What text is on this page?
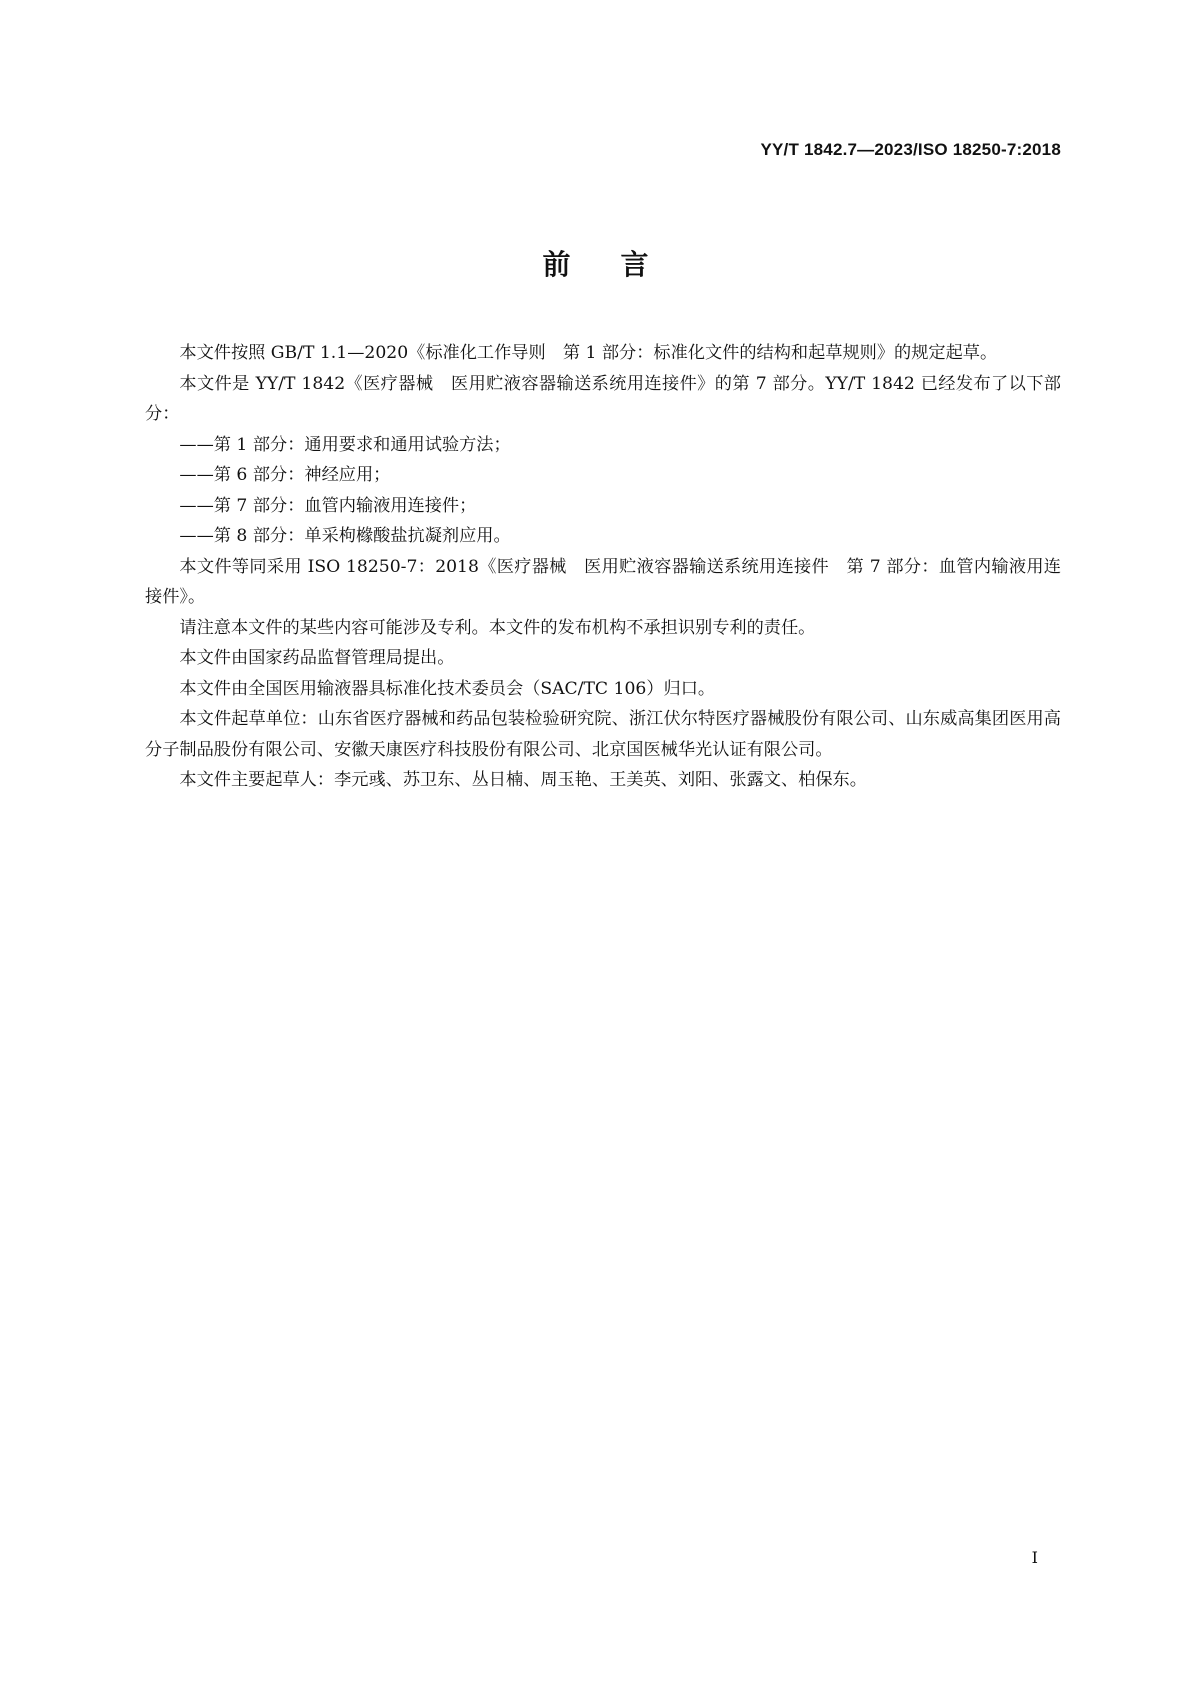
YY/T 1842.7—2023/ISO 18250-7:2018
前言

本文件按照 GB/T 1.1—2020《标准化工作导则　第 1 部分：标准化文件的结构和起草规则》的规定起草。

本文件是 YY/T 1842《医疗器械　医用贮液容器输送系统用连接件》的第 7 部分。YY/T 1842 已经发布了以下部分：

——第 1 部分：通用要求和通用试验方法；

——第 6 部分：神经应用；

——第 7 部分：血管内输液用连接件；

——第 8 部分：单采枸橼酸盐抗凝剂应用。

本文件等同采用 ISO 18250-7：2018《医疗器械　医用贮液容器输送系统用连接件　第 7 部分：血管内输液用连接件》。

请注意本文件的某些内容可能涉及专利。本文件的发布机构不承担识别专利的责任。

本文件由国家药品监督管理局提出。

本文件由全国医用输液器具标准化技术委员会（SAC/TC 106）归口。

本文件起草单位：山东省医疗器械和药品包装检验研究院、浙江伏尔特医疗器械股份有限公司、山东威高集团医用高分子制品股份有限公司、安徽天康医疗科技股份有限公司、北京国医械华光认证有限公司。

本文件主要起草人：李元彧、苏卫东、丛日楠、周玉艳、王美英、刘阳、张露文、柏保东。

I
